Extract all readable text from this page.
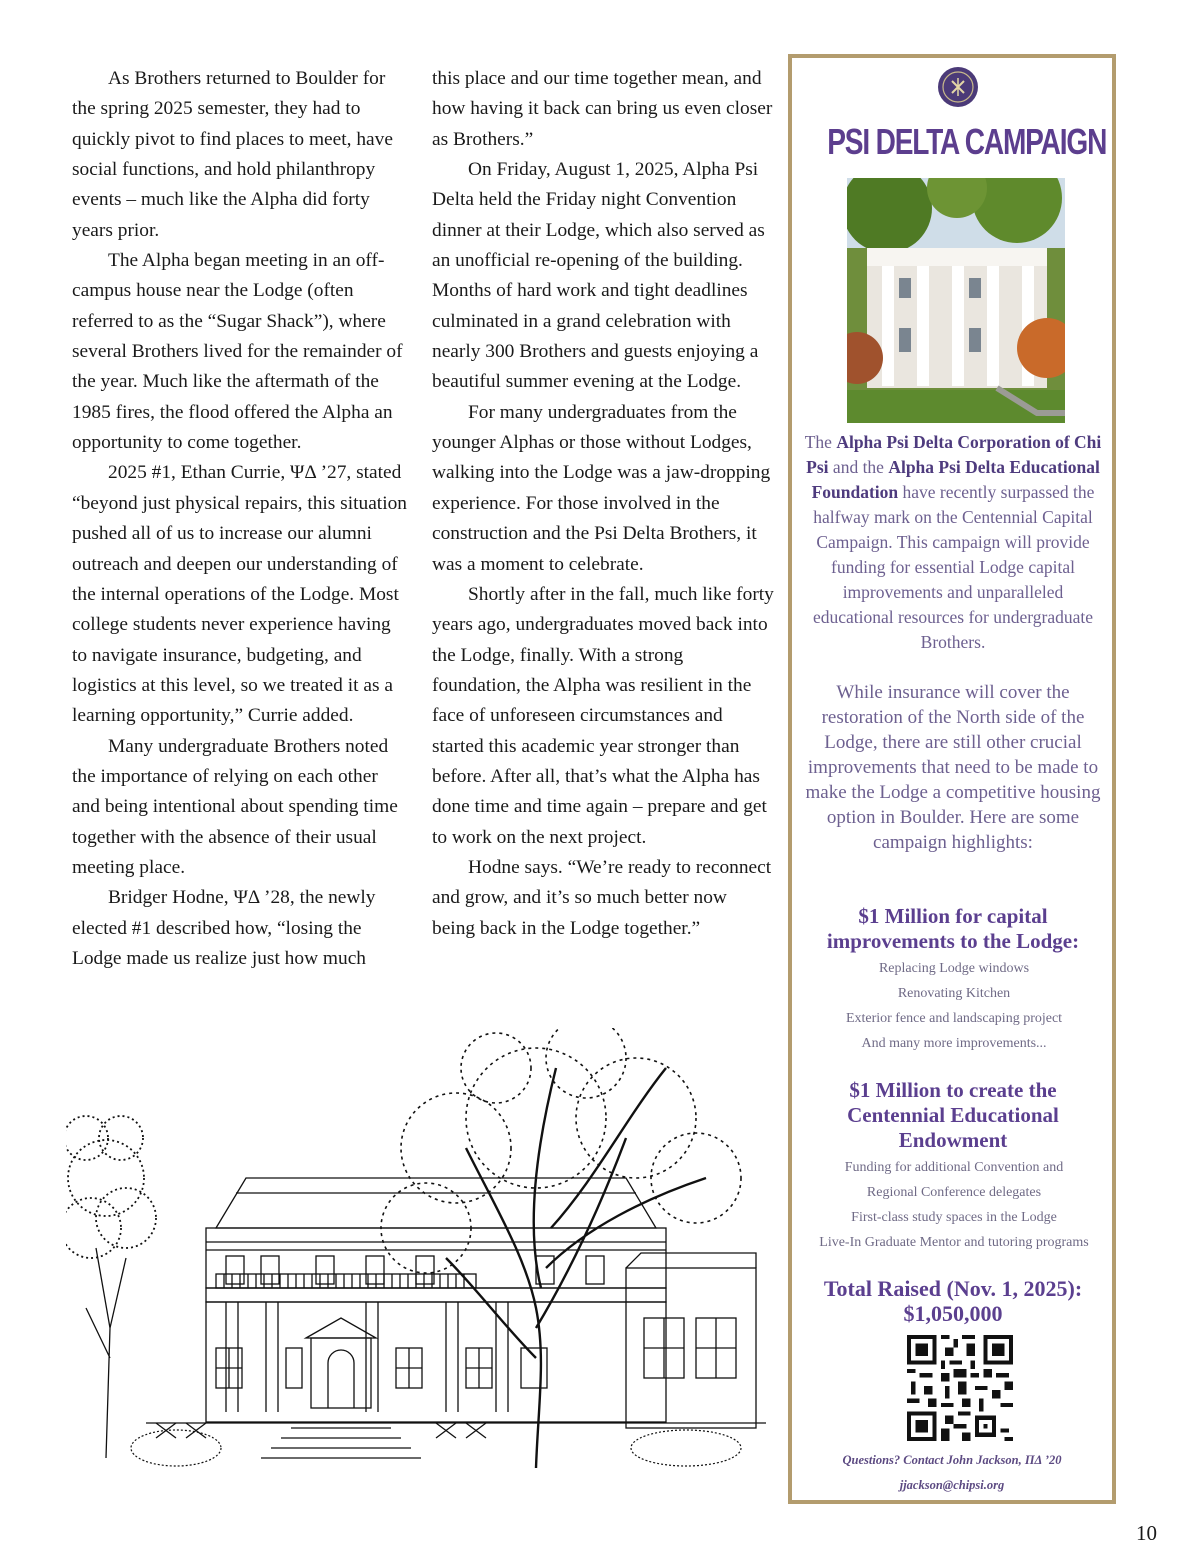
As Brothers returned to Boulder for the spring 2025 semester, they had to quickly pivot to find places to meet, have social functions, and hold philanthropy events – much like the Alpha did forty years prior.

The Alpha began meeting in an off-campus house near the Lodge (often referred to as the “Sugar Shack”), where several Brothers lived for the remainder of the year. Much like the aftermath of the 1985 fires, the flood offered the Alpha an opportunity to come together.

2025 #1, Ethan Currie, ΨΔ ’27, stated “beyond just physical repairs, this situation pushed all of us to increase our alumni outreach and deepen our understanding of the internal operations of the Lodge. Most college students never experience having to navigate insurance, budgeting, and logistics at this level, so we treated it as a learning opportunity,” Currie added.

Many undergraduate Brothers noted the importance of relying on each other and being intentional about spending time together with the absence of their usual meeting place.

Bridger Hodne, ΨΔ ’28, the newly elected #1 described how, “losing the Lodge made us realize just how much

this place and our time together mean, and how having it back can bring us even closer as Brothers.”

On Friday, August 1, 2025, Alpha Psi Delta held the Friday night Convention dinner at their Lodge, which also served as an unofficial re-opening of the building. Months of hard work and tight deadlines culminated in a grand celebration with nearly 300 Brothers and guests enjoying a beautiful summer evening at the Lodge.

For many undergraduates from the younger Alphas or those without Lodges, walking into the Lodge was a jaw-dropping experience. For those involved in the construction and the Psi Delta Brothers, it was a moment to celebrate.

Shortly after in the fall, much like forty years ago, undergraduates moved back into the Lodge, finally. With a strong foundation, the Alpha was resilient in the face of unforeseen circumstances and started this academic year stronger than before. After all, that’s what the Alpha has done time and time again – prepare and get to work on the next project.

Hodne says. “We’re ready to reconnect and grow, and it’s so much better now being back in the Lodge together.”

PSI DELTA CAMPAIGN
The Alpha Psi Delta Corporation of Chi Psi and the Alpha Psi Delta Educational Foundation have recently surpassed the halfway mark on the Centennial Capital Campaign. This campaign will provide funding for essential Lodge capital improvements and unparalleled educational resources for undergraduate Brothers.
While insurance will cover the restoration of the North side of the Lodge, there are still other crucial improvements that need to be made to make the Lodge a competitive housing option in Boulder. Here are some campaign highlights:
$1 Million for capital improvements to the Lodge:
Replacing Lodge windows
Renovating Kitchen
Exterior fence and landscaping project
And many more improvements...
$1 Million to create the Centennial Educational Endowment
Funding for additional Convention and
Regional Conference delegates
First-class study spaces in the Lodge
Live-In Graduate Mentor and tutoring programs
Total Raised (Nov. 1, 2025):
$1,050,000
Questions? Contact John Jackson, ΠΔ ’20
jjackson@chipsi.org
10
